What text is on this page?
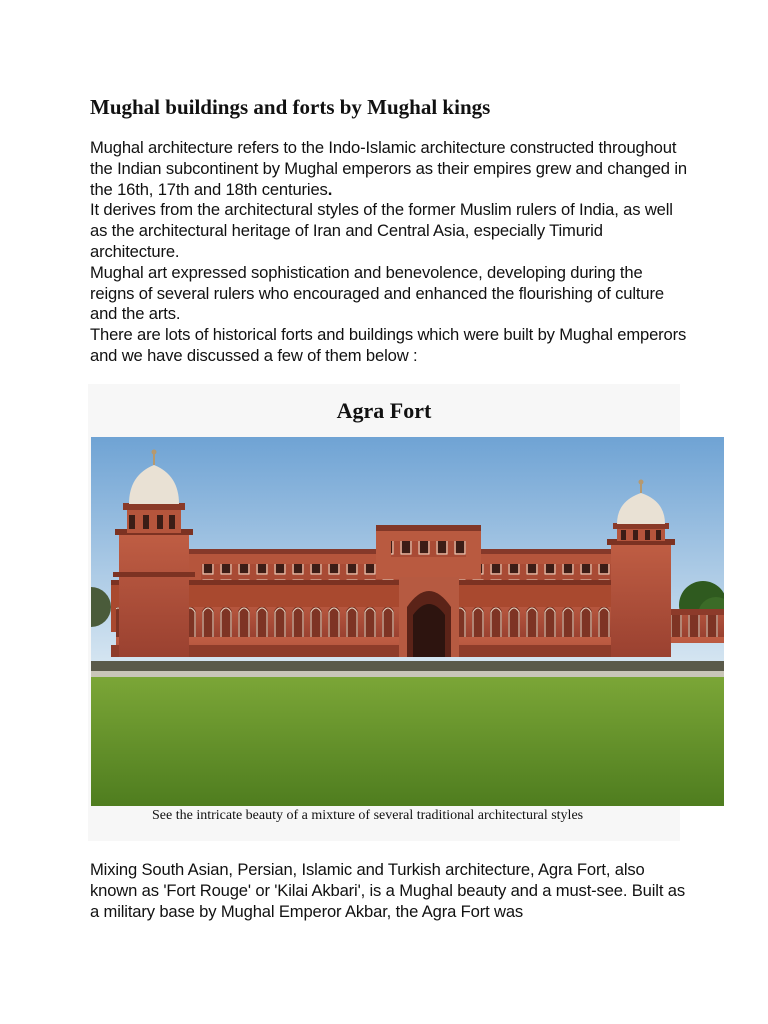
Mughal buildings and forts by Mughal kings

Mughal architecture refers to the Indo-Islamic architecture constructed throughout the Indian subcontinent by Mughal emperors as their empires grew and changed in the 16th, 17th and 18th centuries.

It derives from the architectural styles of the former Muslim rulers of India, as well as the architectural heritage of Iran and Central Asia, especially Timurid architecture.

Mughal art expressed sophistication and benevolence, developing during the reigns of several rulers who encouraged and enhanced the flourishing of culture and the arts.

There are lots of historical forts and buildings which were built by Mughal emperors and we have discussed a few of them below :

Agra Fort
See the intricate beauty of a mixture of several traditional architectural styles

Mixing South Asian, Persian, Islamic and Turkish architecture, Agra Fort, also known as 'Fort Rouge' or 'Kilai Akbari', is a Mughal beauty and a must-see. Built as a military base by Mughal Emperor Akbar, the Agra Fort was
